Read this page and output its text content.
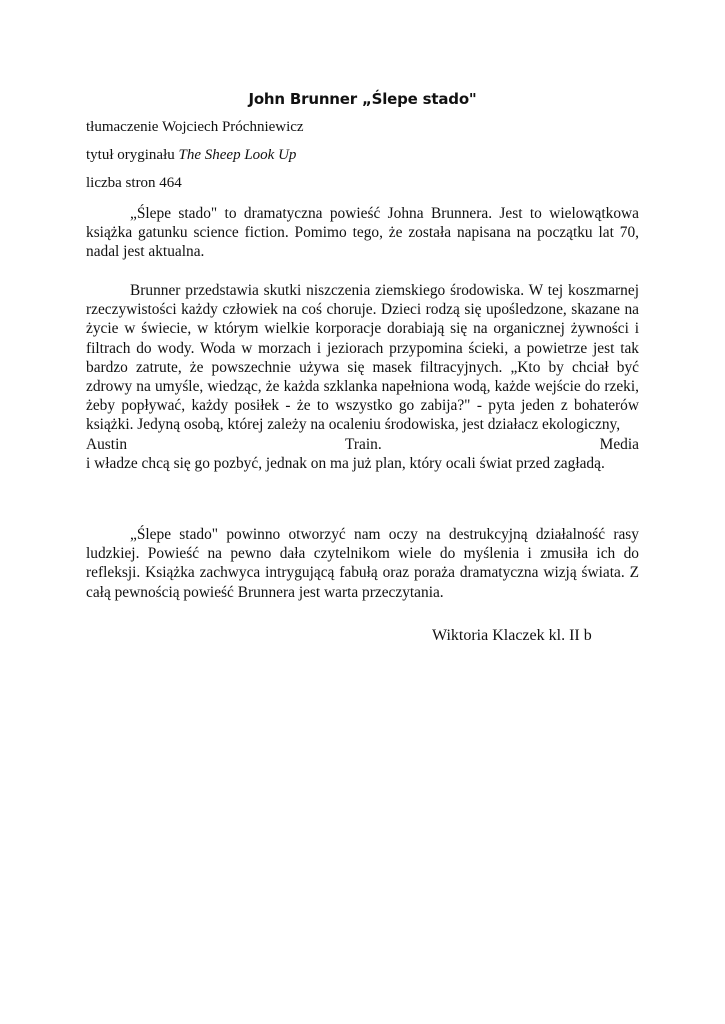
John Brunner „Ślepe stado"
tłumaczenie Wojciech Próchniewicz
tytuł oryginału The Sheep Look Up
liczba stron 464

„Ślepe stado" to dramatyczna powieść Johna Brunnera. Jest to wielowątkowa książka gatunku science fiction. Pomimo tego, że została napisana na początku lat 70, nadal jest aktualna.

Brunner przedstawia skutki niszczenia ziemskiego środowiska. W tej koszmarnej rzeczywistości każdy człowiek na coś choruje. Dzieci rodzą się upośledzone, skazane na życie w świecie, w którym wielkie korporacje dorabiają się na organicznej żywności i filtrach do wody. Woda w morzach i jeziorach przypomina ścieki, a powietrze jest tak bardzo zatrute, że powszechnie używa się masek filtracyjnych. „Kto by chciał być zdrowy na umyśle, wiedząc, że każda szklanka napełniona wodą, każde wejście do rzeki, żeby popływać, każdy posiłek - że to wszystko go zabija?" - pyta jeden z bohaterów książki. Jedyną osobą, której zależy na ocaleniu środowiska, jest działacz ekologiczny,
Austin	Train.	Media
i władze chcą się go pozbyć, jednak on ma już plan, który ocali świat przed zagładą.

„Ślepe stado" powinno otworzyć nam oczy na destrukcyjną działalność rasy ludzkiej. Powieść na pewno dała czytelnikom wiele do myślenia i zmusiła ich do refleksji. Książka zachwyca intrygującą fabułą oraz poraża dramatyczna wizją świata. Z całą pewnością powieść Brunnera jest warta przeczytania.

Wiktoria Klaczek kl. II b
